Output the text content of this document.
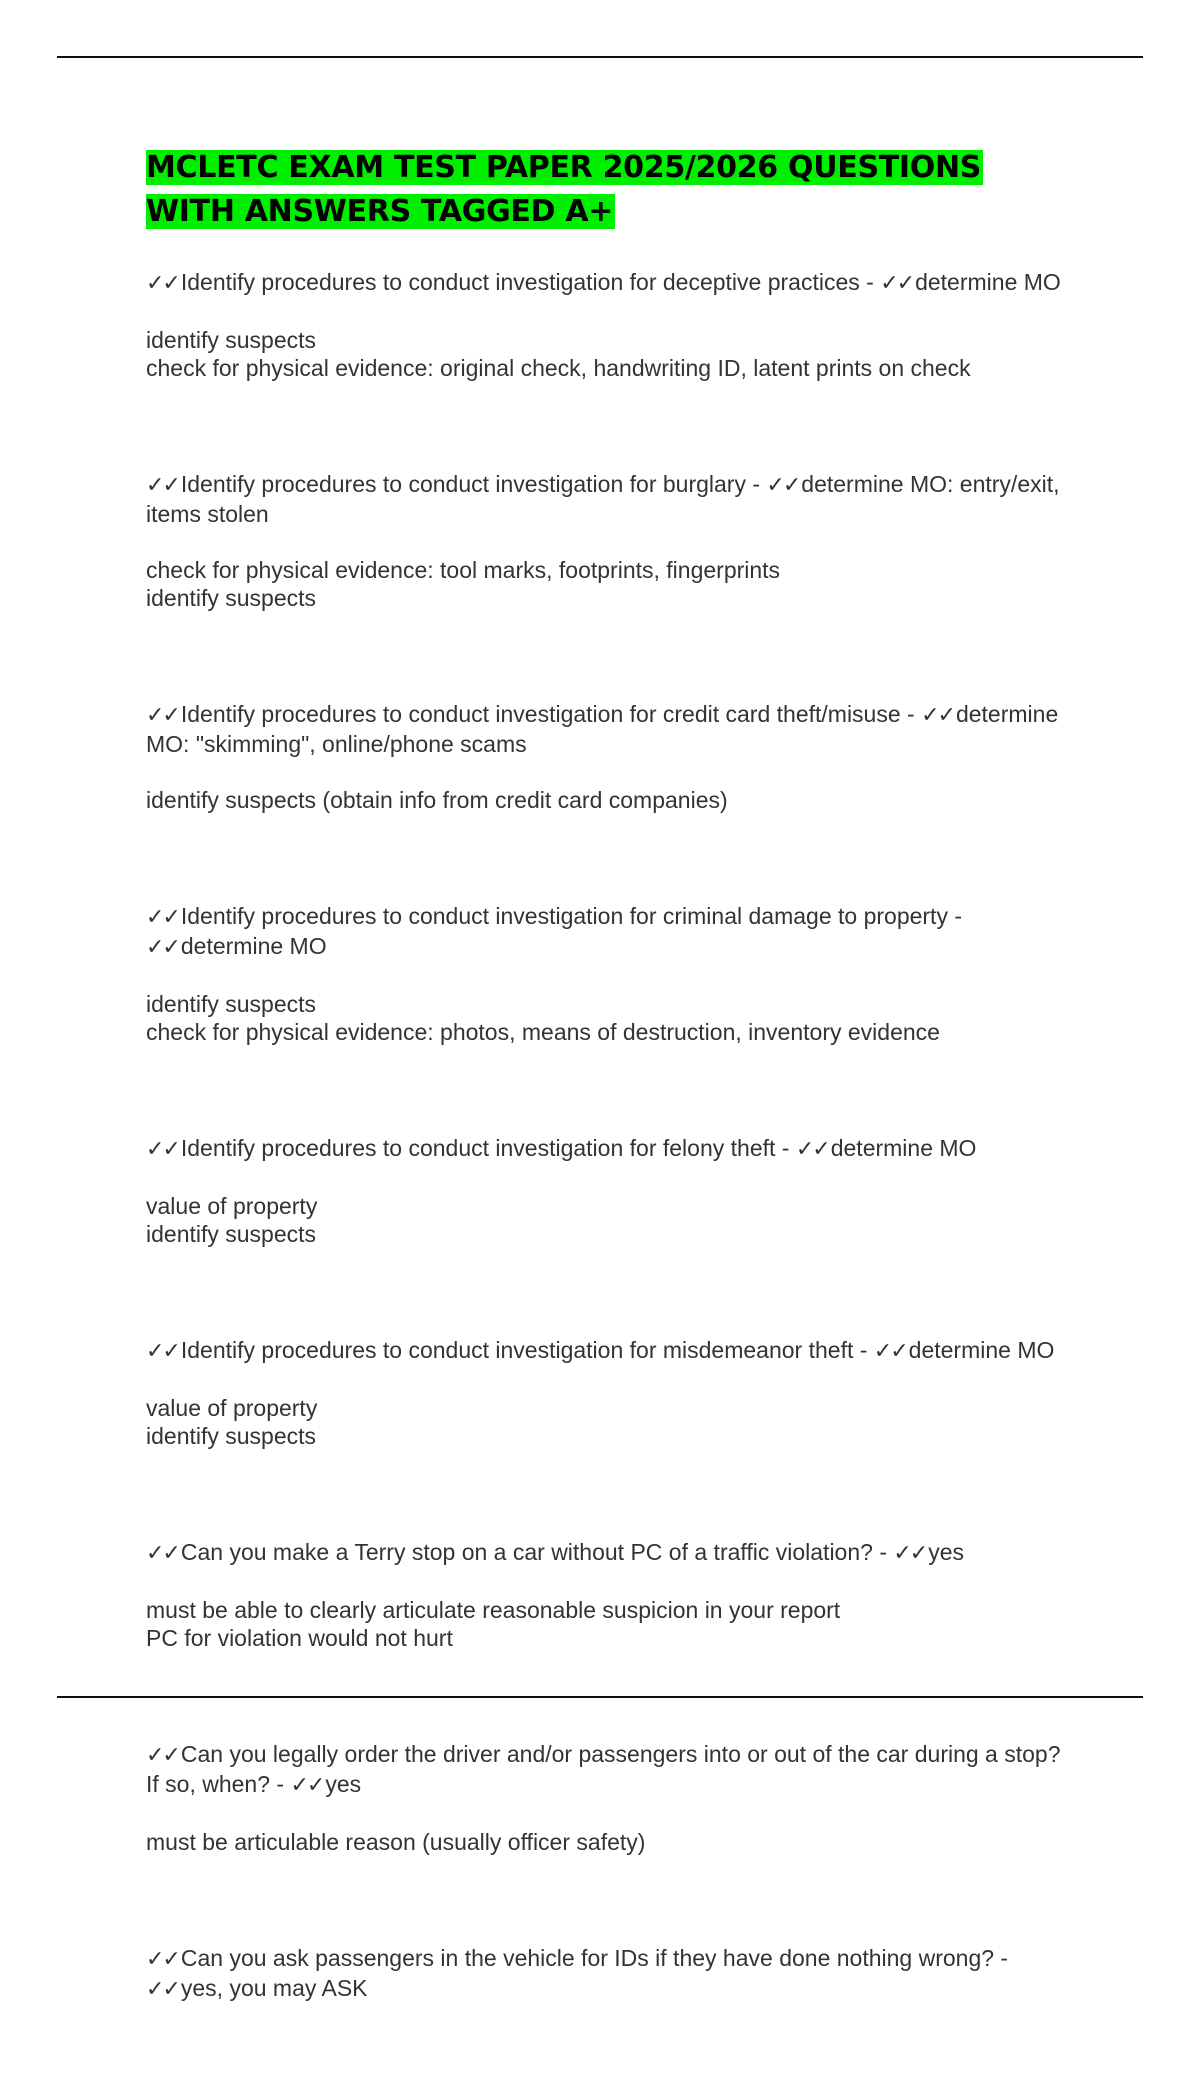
MCLETC EXAM TEST PAPER 2025/2026 QUESTIONS WITH ANSWERS TAGGED A+

✓✓Identify procedures to conduct investigation for deceptive practices - ✓✓determine MO

identify suspects
check for physical evidence: original check, handwriting ID, latent prints on check

✓✓Identify procedures to conduct investigation for burglary - ✓✓determine MO: entry/exit, items stolen

check for physical evidence: tool marks, footprints, fingerprints
identify suspects

✓✓Identify procedures to conduct investigation for credit card theft/misuse - ✓✓determine MO: "skimming", online/phone scams

identify suspects (obtain info from credit card companies)

✓✓Identify procedures to conduct investigation for criminal damage to property - ✓✓determine MO

identify suspects
check for physical evidence: photos, means of destruction, inventory evidence

✓✓Identify procedures to conduct investigation for felony theft - ✓✓determine MO

value of property
identify suspects

✓✓Identify procedures to conduct investigation for misdemeanor theft - ✓✓determine MO

value of property
identify suspects

✓✓Can you make a Terry stop on a car without PC of a traffic violation? - ✓✓yes

must be able to clearly articulate reasonable suspicion in your report
PC for violation would not hurt

✓✓Can you legally order the driver and/or passengers into or out of the car during a stop? If so, when? - ✓✓yes

must be articulable reason (usually officer safety)

✓✓Can you ask passengers in the vehicle for IDs if they have done nothing wrong? - ✓✓yes, you may ASK
